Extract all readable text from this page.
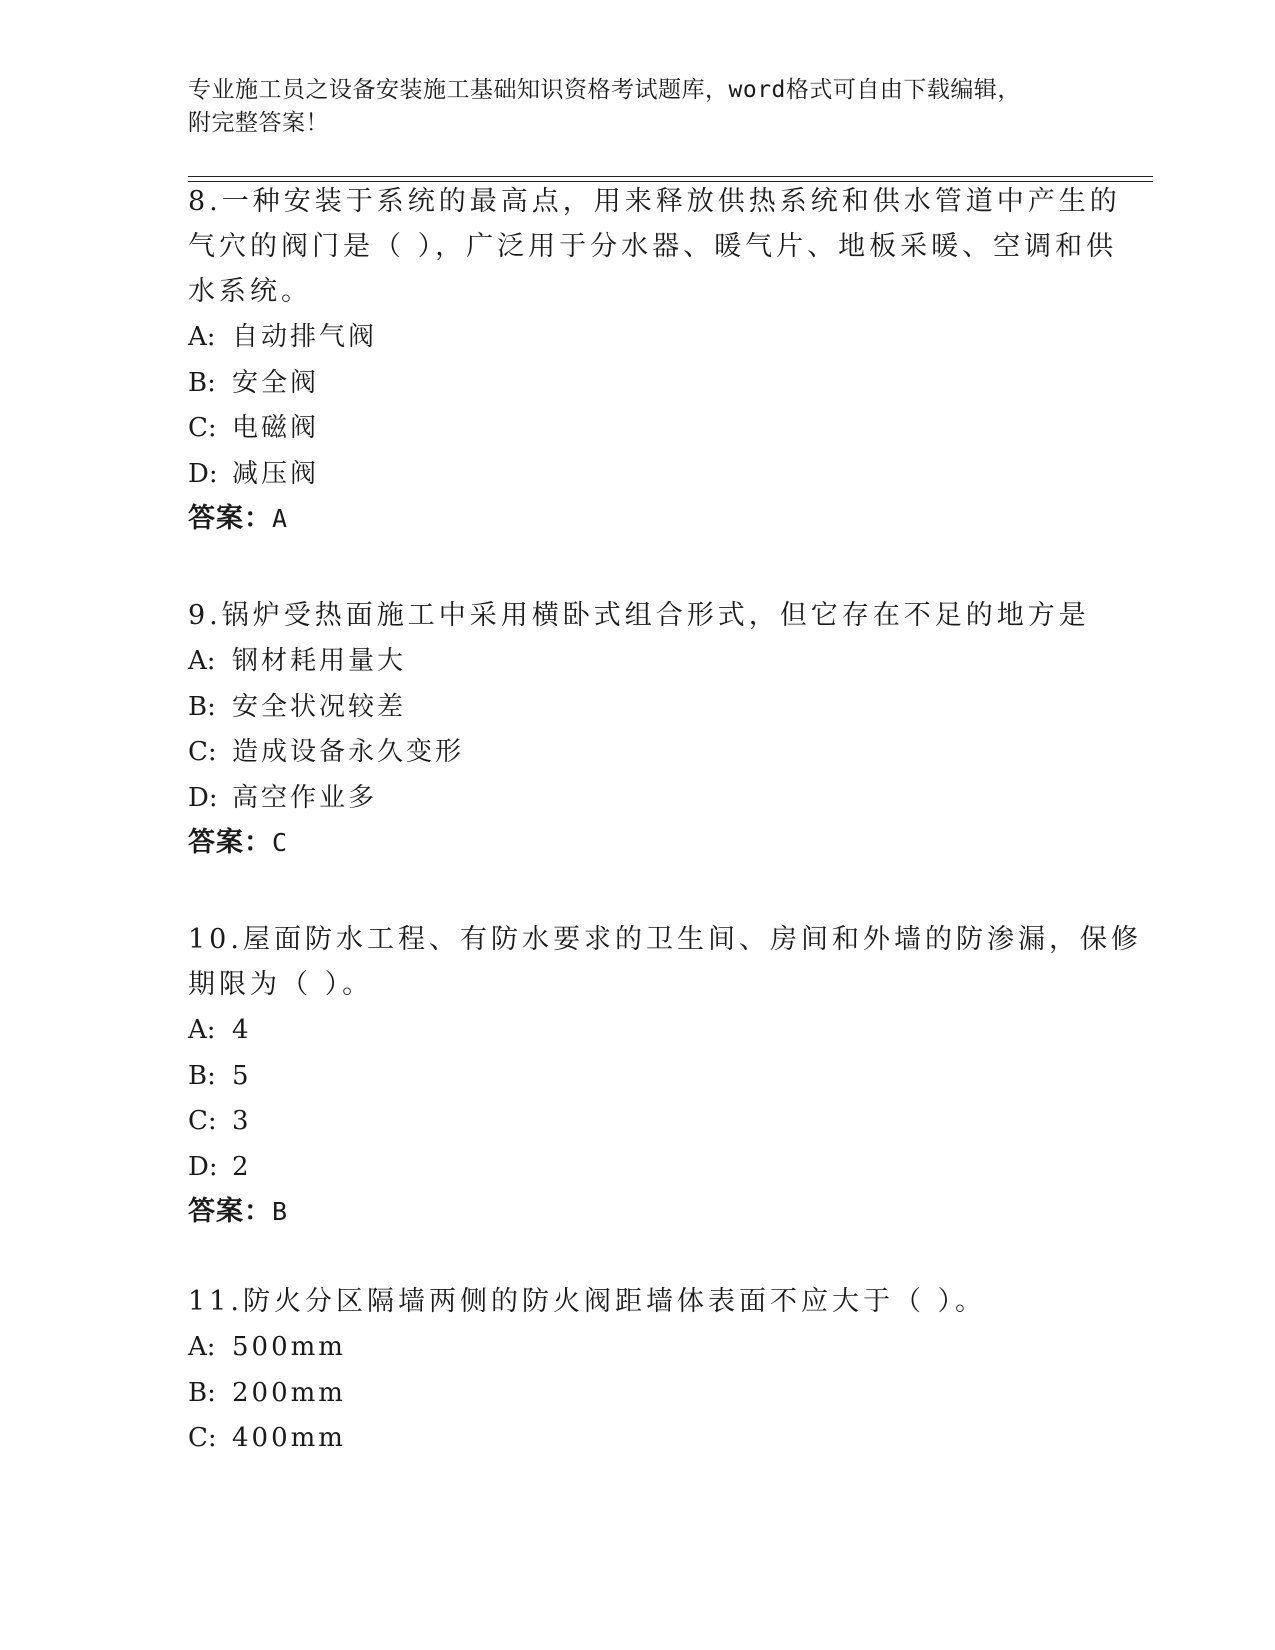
专业施工员之设备安装施工基础知识资格考试题库，word格式可自由下载编辑，
附完整答案！
8.一种安装于系统的最高点，用来释放供热系统和供水管道中产生的
气穴的阀门是（ ），广泛用于分水器、暖气片、地板采暖、空调和供
水系统。
A: 自动排气阀
B: 安全阀
C: 电磁阀
D: 减压阀
答案：A
9.锅炉受热面施工中采用横卧式组合形式，但它存在不足的地方是
A: 钢材耗用量大
B: 安全状况较差
C: 造成设备永久变形
D: 高空作业多
答案：C
10.屋面防水工程、有防水要求的卫生间、房间和外墙的防渗漏，保修
期限为（ ）。
A: 4
B: 5
C: 3
D: 2
答案：B
11.防火分区隔墙两侧的防火阀距墙体表面不应大于（ ）。
A: 500mm
B: 200mm
C: 400mm
